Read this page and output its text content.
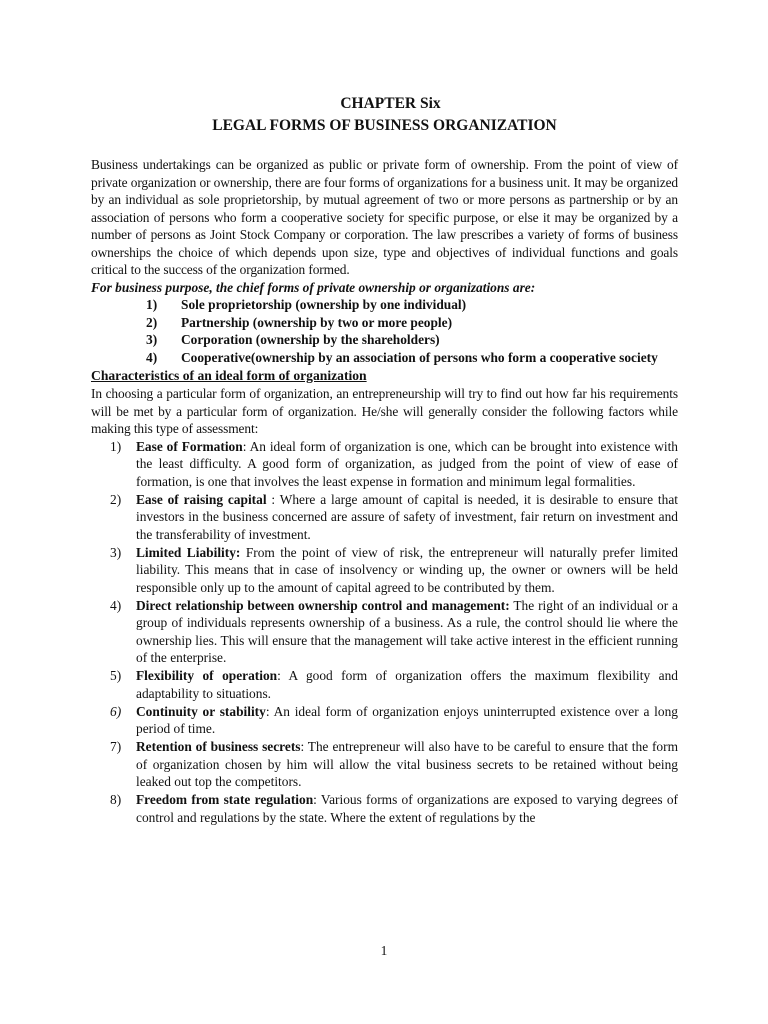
CHAPTER Six
LEGAL FORMS OF BUSINESS ORGANIZATION

Business undertakings can be organized as public or private form of ownership. From the point of view of private organization or ownership, there are four forms of organizations for a business unit. It may be organized by an individual as sole proprietorship, by mutual agreement of two or more persons as partnership or by an association of persons who form a cooperative society for specific purpose, or else it may be organized by a number of persons as Joint Stock Company or corporation. The law prescribes a variety of forms of business ownerships the choice of which depends upon size, type and objectives of individual functions and goals critical to the success of the organization formed.

For business purpose, the chief forms of private ownership or organizations are:

1)	Sole proprietorship (ownership by one individual)
2)	Partnership (ownership by two or more people)
3)	Corporation (ownership by the shareholders)
4)	Cooperative(ownership by an association of persons who form a cooperative society
Characteristics of an ideal form of organization

In choosing a particular form of organization, an entrepreneurship will try to find out how far his requirements will be met by a particular form of organization. He/she will generally consider the following factors while making this type of assessment:

1)	Ease of Formation: An ideal form of organization is one, which can be brought into existence with the least difficulty. A good form of organization, as judged from the point of view of ease of formation, is one that involves the least expense in formation and minimum legal formalities.
2)	Ease of raising capital : Where a large amount of capital is needed, it is desirable to ensure that investors in the business concerned are assure of safety of investment, fair return on investment and the transferability of investment.
3)	Limited Liability: From the point of view of risk, the entrepreneur will naturally prefer limited liability. This means that in case of insolvency or winding up, the owner or owners will be held responsible only up to the amount of capital agreed to be contributed by them.
4)	Direct relationship between ownership control and management: The right of an individual or a group of individuals represents ownership of a business. As a rule, the control should lie where the ownership lies. This will ensure that the management will take active interest in the efficient running of the enterprise.
5)	Flexibility of operation: A good form of organization offers the maximum flexibility and adaptability to situations.
6)	Continuity or stability: An ideal form of organization enjoys uninterrupted existence over a long period of time.
7)	Retention of business secrets: The entrepreneur will also have to be careful to ensure that the form of organization chosen by him will allow the vital business secrets to be retained without being leaked out top the competitors.
8)	Freedom from state regulation: Various forms of organizations are exposed to varying degrees of control and regulations by the state. Where the extent of regulations by the
1
